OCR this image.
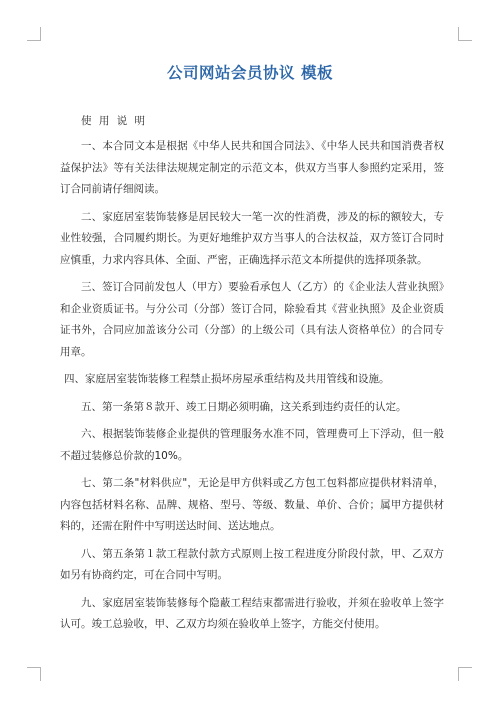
公司网站会员协议 模板
使 用 说 明

一、本合同文本是根据《中华人民共和国合同法》、《中华人民共和国消费者权益保护法》等有关法律法规规定制定的示范文本，供双方当事人参照约定采用，签订合同前请仔细阅读。

二、家庭居室装饰装修是居民较大一笔一次的性消费，涉及的标的额较大，专业性较强，合同履约期长。为更好地维护双方当事人的合法权益，双方签订合同时应慎重，力求内容具体、全面、严密，正确选择示范文本所提供的选择项条款。

三、签订合同前发包人（甲方）要验看承包人（乙方）的《企业法人营业执照》和企业资质证书。与分公司（分部）签订合同，除验看其《营业执照》及企业资质证书外，合同应加盖该分公司（分部）的上级公司（具有法人资格单位）的合同专用章。

四、家庭居室装饰装修工程禁止损坏房屋承重结构及共用管线和设施。

五、第一条第８款开、竣工日期必须明确，这关系到违约责任的认定。

六、根据装饰装修企业提供的管理服务水准不同，管理费可上下浮动，但一般不超过装修总价款的10%。

七、第二条"材料供应"，无论是甲方供料或乙方包工包料都应提供材料清单，内容包括材料名称、品牌、规格、型号、等级、数量、单价、合价；属甲方提供材料的，还需在附件中写明送达时间、送达地点。

八、第五条第１款工程款付款方式原则上按工程进度分阶段付款，甲、乙双方如另有协商约定，可在合同中写明。

九、家庭居室装饰装修每个隐蔽工程结束都需进行验收，并须在验收单上签字认可。竣工总验收，甲、乙双方均须在验收单上签字，方能交付使用。
